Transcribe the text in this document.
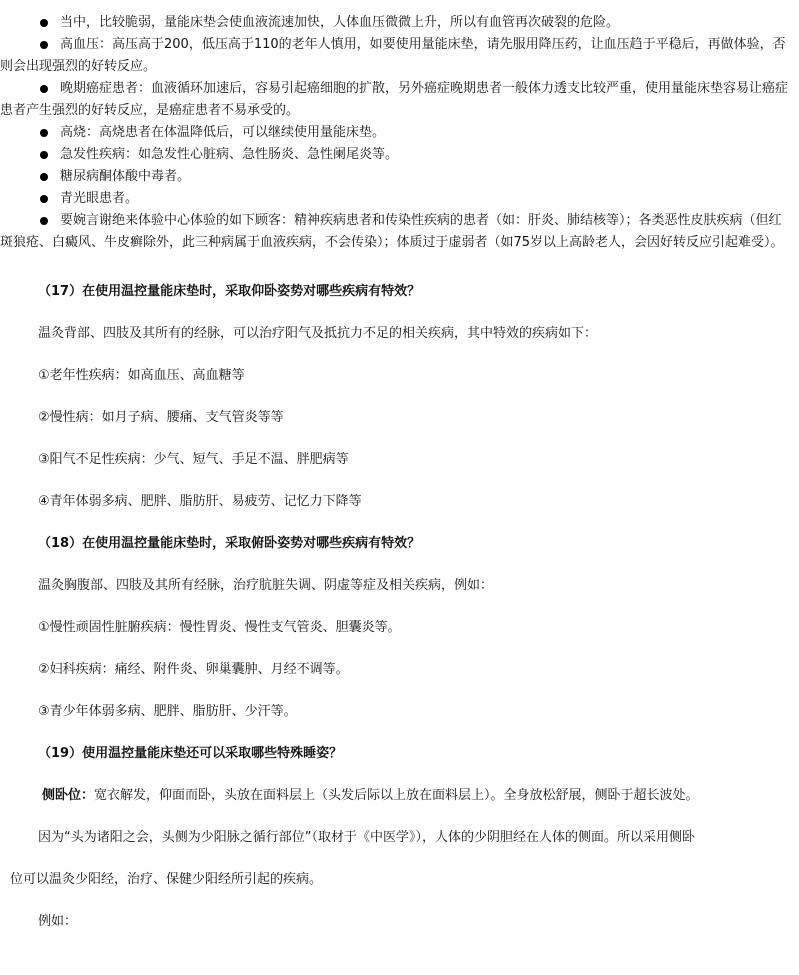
当中，比较脆弱，量能床垫会使血液流速加快，人体血压微微上升，所以有血管再次破裂的危险。

高血压：高压高于200，低压高于110的老年人慎用，如要使用量能床垫，请先服用降压药，让血压趋于平稳后，再做体验，否则会出现强烈的好转反应。

晚期癌症患者：血液循环加速后，容易引起癌细胞的扩散，另外癌症晚期患者一般体力透支比较严重，使用量能床垫容易让癌症患者产生强烈的好转反应，是癌症患者不易承受的。

高烧：高烧患者在体温降低后，可以继续使用量能床垫。

急发性疾病：如急发性心脏病、急性肠炎、急性阑尾炎等。

糖尿病酮体酸中毒者。

青光眼患者。

要婉言谢绝来体验中心体验的如下顾客：精神疾病患者和传染性疾病的患者（如：肝炎、肺结核等）；各类恶性皮肤疾病（但红斑狼疮、白癜风、牛皮癣除外，此三种病属于血液疾病，不会传染）；体质过于虚弱者（如75岁以上高龄老人，会因好转反应引起难受）。

（17）在使用温控量能床垫时，采取仰卧姿势对哪些疾病有特效？

温灸背部、四肢及其所有的经脉，可以治疗阳气及抵抗力不足的相关疾病，其中特效的疾病如下：

①老年性疾病：如高血压、高血糖等

②慢性病：如月子病、腰痛、支气管炎等等

③阳气不足性疾病：少气、短气、手足不温、胖肥病等

④青年体弱多病、肥胖、脂肪肝、易疲劳、记忆力下降等

（18）在使用温控量能床垫时，采取俯卧姿势对哪些疾病有特效？

温灸胸腹部、四肢及其所有经脉，治疗肮脏失调、阴虚等症及相关疾病，例如：

①慢性顽固性脏腑疾病：慢性胃炎、慢性支气管炎、胆囊炎等。

②妇科疾病：痛经、附件炎、卵巢囊肿、月经不调等。

③青少年体弱多病、肥胖、脂肪肝、少汗等。

（19）使用温控量能床垫还可以采取哪些特殊睡姿？

侧卧位：宽衣解发，仰面而卧，头放在面料层上（头发后际以上放在面料层上）。全身放松舒展，侧卧于超长波处。

因为“头为诸阳之会，头侧为少阳脉之循行部位”（取材于《中医学》），人体的少阴胆经在人体的侧面。所以采用侧卧

位可以温灸少阳经，治疗、保健少阳经所引起的疾病。

例如：
